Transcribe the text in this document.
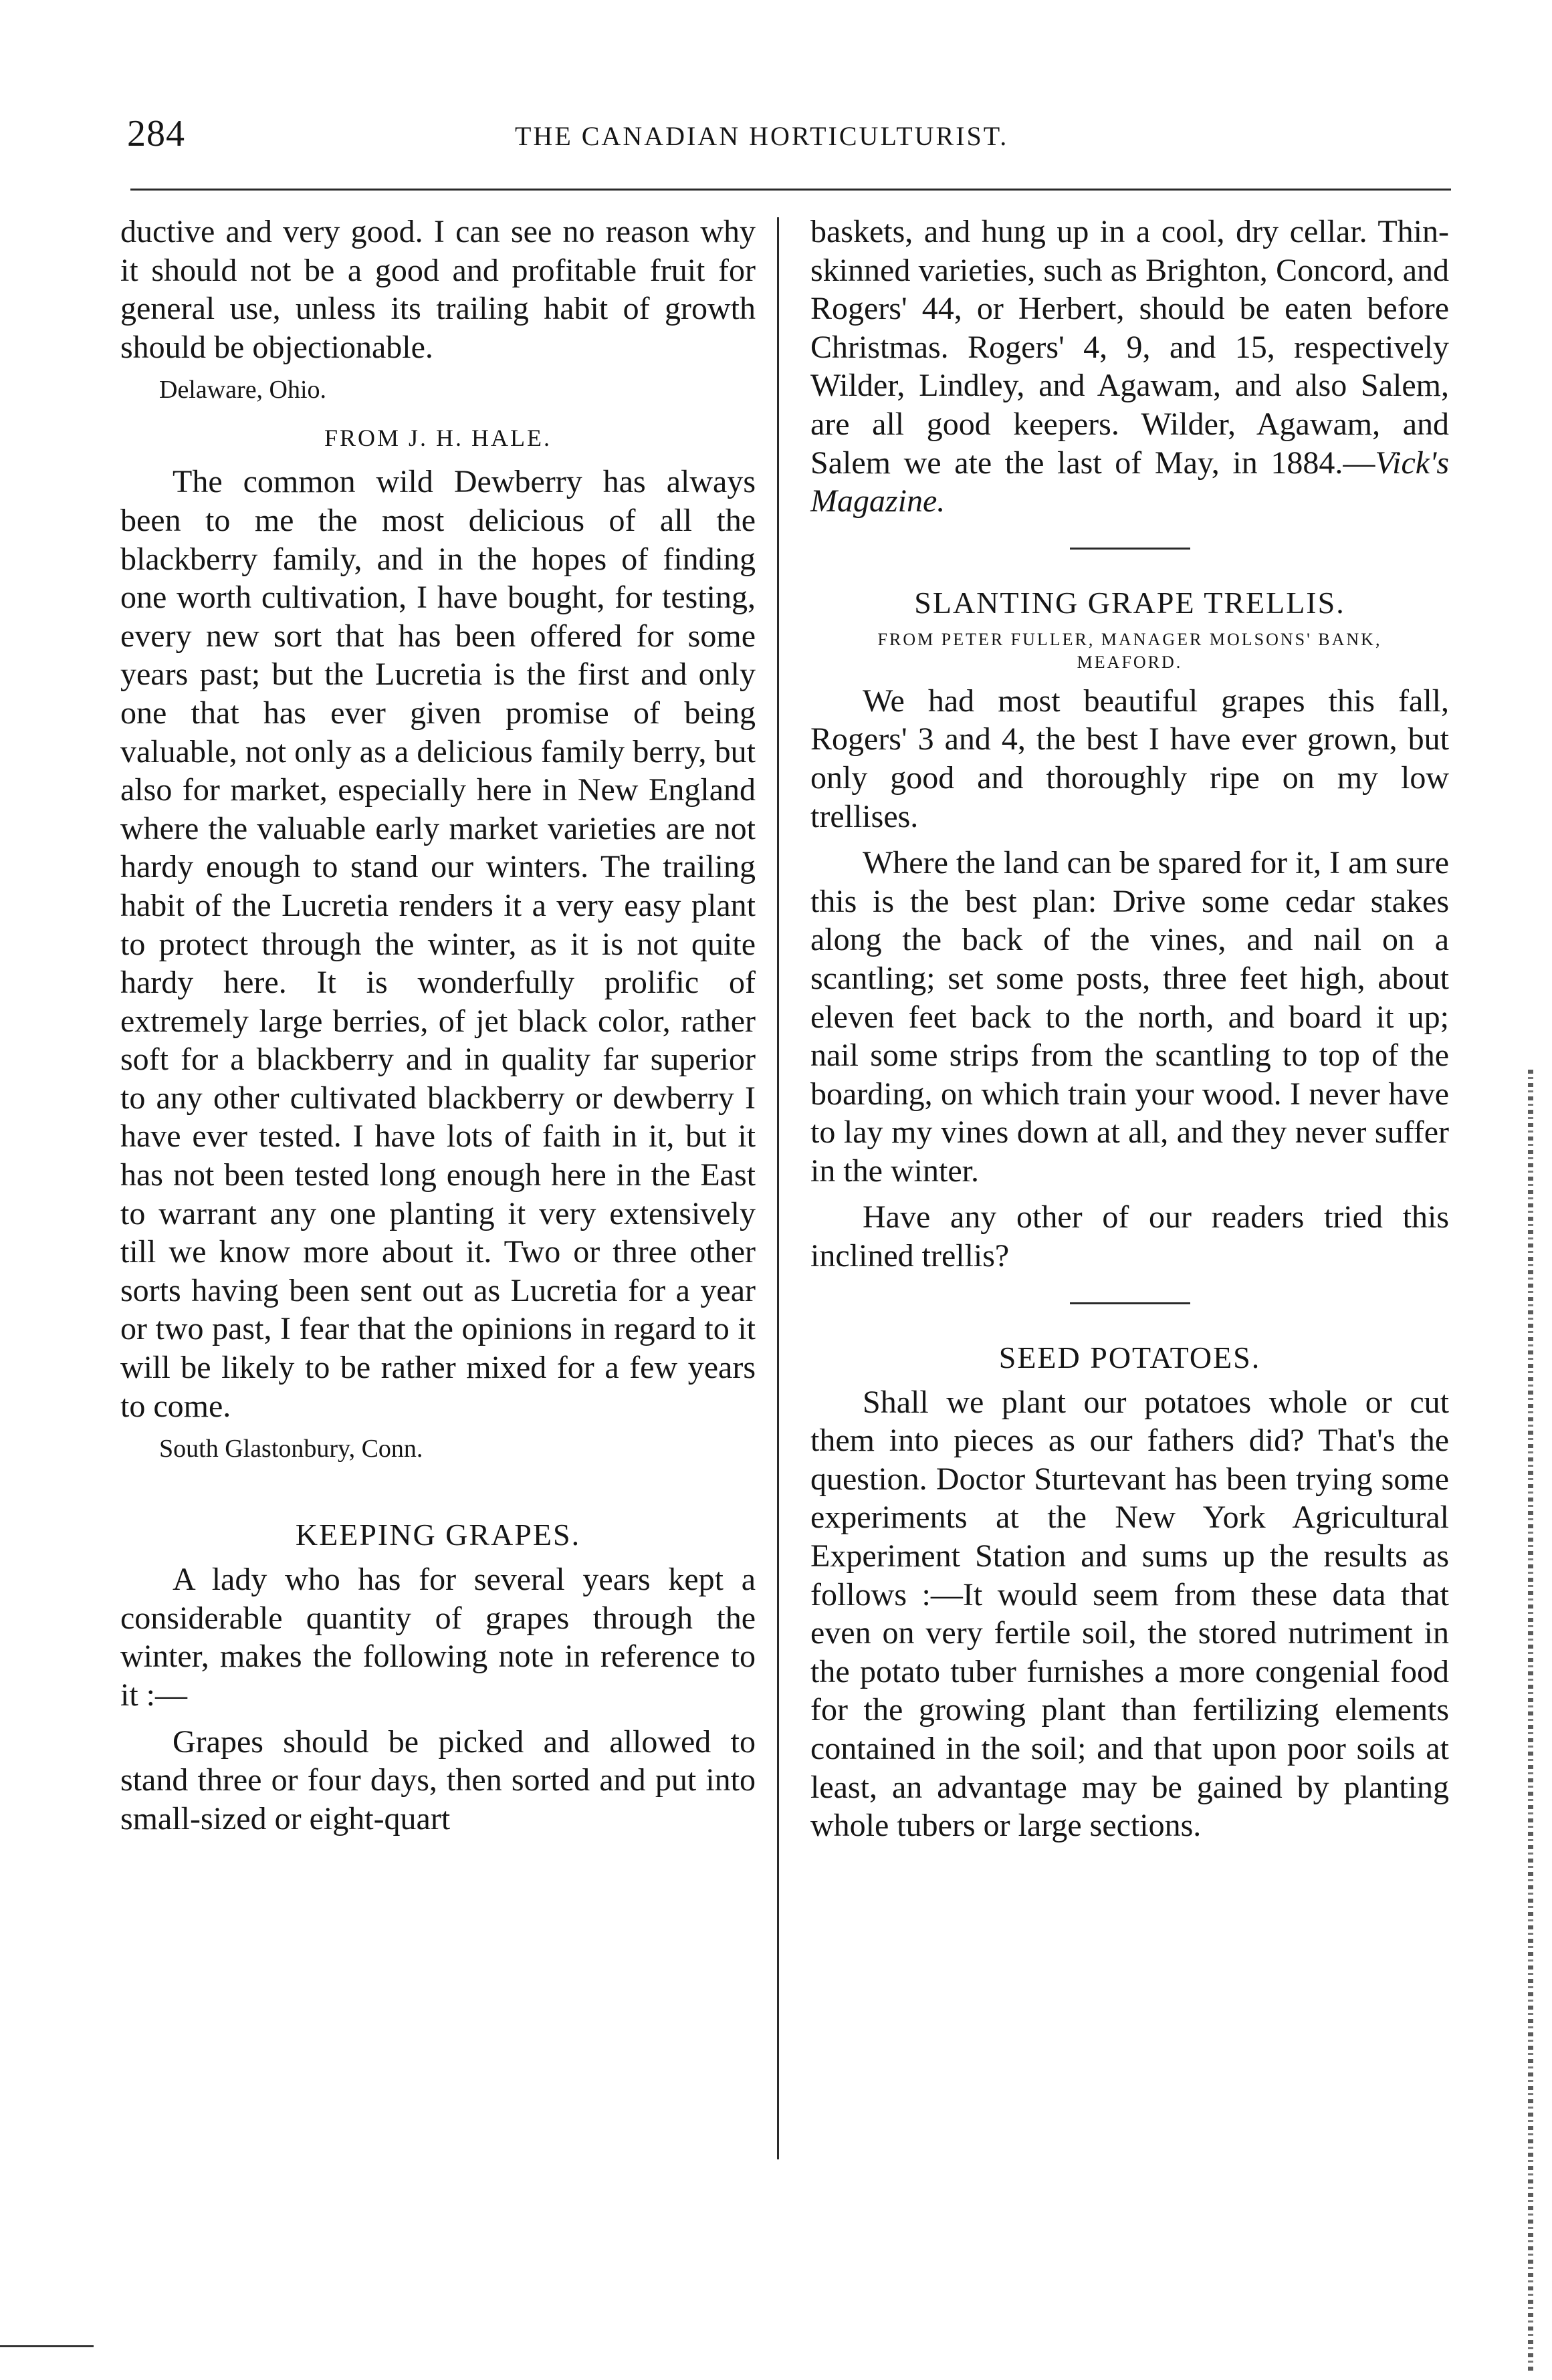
284	THE CANADIAN HORTICULTURIST.

ductive and very good. I can see no reason why it should not be a good and profitable fruit for general use, unless its trailing habit of growth should be objectionable.

Delaware, Ohio.
FROM J. H. HALE.

The common wild Dewberry has always been to me the most delicious of all the blackberry family, and in the hopes of finding one worth cultivation, I have bought, for testing, every new sort that has been offered for some years past; but the Lucretia is the first and only one that has ever given promise of being valuable, not only as a delicious family berry, but also for market, especially here in New England where the valuable early market varieties are not hardy enough to stand our winters. The trailing habit of the Lucretia renders it a very easy plant to protect through the winter, as it is not quite hardy here. It is wonderfully prolific of extremely large berries, of jet black color, rather soft for a blackberry and in quality far superior to any other cultivated blackberry or dewberry I have ever tested. I have lots of faith in it, but it has not been tested long enough here in the East to warrant any one planting it very extensively till we know more about it. Two or three other sorts having been sent out as Lucretia for a year or two past, I fear that the opinions in regard to it will be likely to be rather mixed for a few years to come.

South Glastonbury, Conn.
KEEPING GRAPES.

A lady who has for several years kept a considerable quantity of grapes through the winter, makes the following note in reference to it :—

Grapes should be picked and allowed to stand three or four days, then sorted and put into small-sized or eight-quart

baskets, and hung up in a cool, dry cellar. Thin-skinned varieties, such as Brighton, Concord, and Rogers' 44, or Herbert, should be eaten before Christmas. Rogers' 4, 9, and 15, respectively Wilder, Lindley, and Agawam, and also Salem, are all good keepers. Wilder, Agawam, and Salem we ate the last of May, in 1884.—Vick's Magazine.

SLANTING GRAPE TRELLIS.
FROM PETER FULLER, MANAGER MOLSONS' BANK, MEAFORD.

We had most beautiful grapes this fall, Rogers' 3 and 4, the best I have ever grown, but only good and thoroughly ripe on my low trellises.

Where the land can be spared for it, I am sure this is the best plan: Drive some cedar stakes along the back of the vines, and nail on a scantling; set some posts, three feet high, about eleven feet back to the north, and board it up; nail some strips from the scantling to top of the boarding, on which train your wood. I never have to lay my vines down at all, and they never suffer in the winter.

Have any other of our readers tried this inclined trellis?

SEED POTATOES.

Shall we plant our potatoes whole or cut them into pieces as our fathers did? That's the question. Doctor Sturtevant has been trying some experiments at the New York Agricultural Experiment Station and sums up the results as follows :—It would seem from these data that even on very fertile soil, the stored nutriment in the potato tuber furnishes a more congenial food for the growing plant than fertilizing elements contained in the soil; and that upon poor soils at least, an advantage may be gained by planting whole tubers or large sections.
